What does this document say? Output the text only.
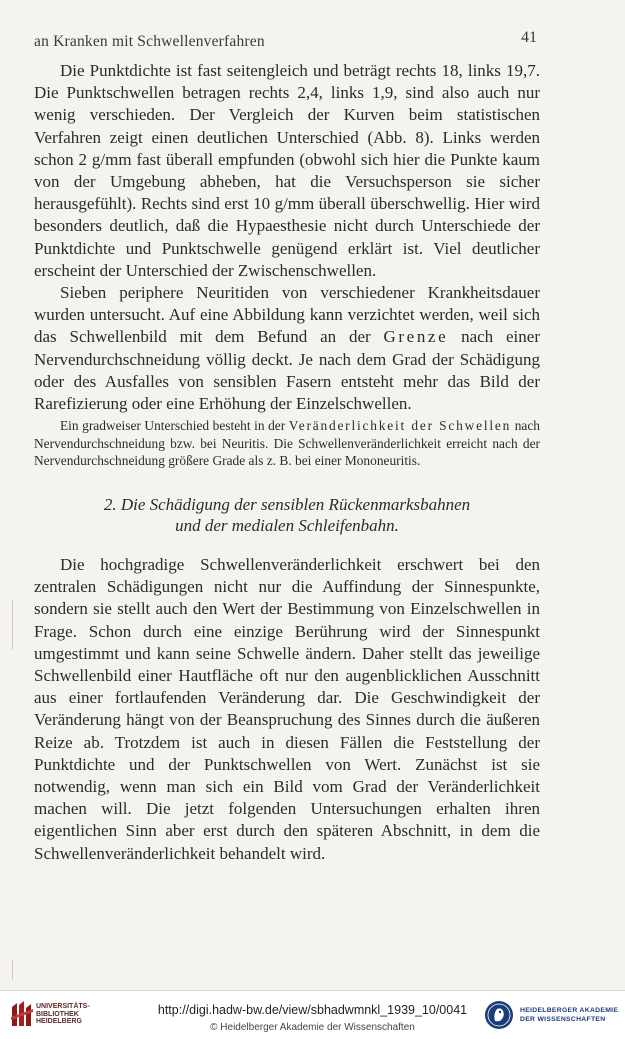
an Kranken mit Schwellenverfahren	41

Die Punktdichte ist fast seitengleich und beträgt rechts 18, links 19,7. Die Punktschwellen betragen rechts 2,4, links 1,9, sind also auch nur wenig verschieden. Der Vergleich der Kurven beim statistischen Verfahren zeigt einen deutlichen Unterschied (Abb. 8). Links werden schon 2 g/mm fast überall empfunden (obwohl sich hier die Punkte kaum von der Umgebung abheben, hat die Versuchsperson sie sicher herausgefühlt). Rechts sind erst 10 g/mm überall überschwellig. Hier wird besonders deutlich, daß die Hypaesthesie nicht durch Unterschiede der Punktdichte und Punktschwelle genügend erklärt ist. Viel deutlicher erscheint der Unterschied der Zwischenschwellen.

Sieben periphere Neuritiden von verschiedener Krankheitsdauer wurden untersucht. Auf eine Abbildung kann verzichtet werden, weil sich das Schwellenbild mit dem Befund an der Grenze nach einer Nervendurchschneidung völlig deckt. Je nach dem Grad der Schädigung oder des Ausfalles von sensiblen Fasern entsteht mehr das Bild der Rarefizierung oder eine Erhöhung der Einzelschwellen.

Ein gradweiser Unterschied besteht in der Veränderlichkeit der Schwellen nach Nervendurchschneidung bzw. bei Neuritis. Die Schwellenveränderlichkeit erreicht nach der Nervendurchschneidung größere Grade als z. B. bei einer Mononeuritis.

2. Die Schädigung der sensiblen Rückenmarksbahnen
und der medialen Schleifenbahn.

Die hochgradige Schwellenveränderlichkeit erschwert bei den zentralen Schädigungen nicht nur die Auffindung der Sinnespunkte, sondern sie stellt auch den Wert der Bestimmung von Einzelschwellen in Frage. Schon durch eine einzige Berührung wird der Sinnespunkt umgestimmt und kann seine Schwelle ändern. Daher stellt das jeweilige Schwellenbild einer Hautfläche oft nur den augenblicklichen Ausschnitt aus einer fortlaufenden Veränderung dar. Die Geschwindigkeit der Veränderung hängt von der Beanspruchung des Sinnes durch die äußeren Reize ab. Trotzdem ist auch in diesen Fällen die Feststellung der Punktdichte und der Punktschwellen von Wert. Zunächst ist sie notwendig, wenn man sich ein Bild vom Grad der Veränderlichkeit machen will. Die jetzt folgenden Untersuchungen erhalten ihren eigentlichen Sinn aber erst durch den späteren Abschnitt, in dem die Schwellenveränderlichkeit behandelt wird.

UNIVERSITÄTS-
BIBLIOTHEK
HEIDELBERG
http://digi.hadw-bw.de/view/sbhadwmnkl_1939_10/0041
© Heidelberger Akademie der Wissenschaften
HEIDELBERGER AKADEMIE
DER WISSENSCHAFTEN
